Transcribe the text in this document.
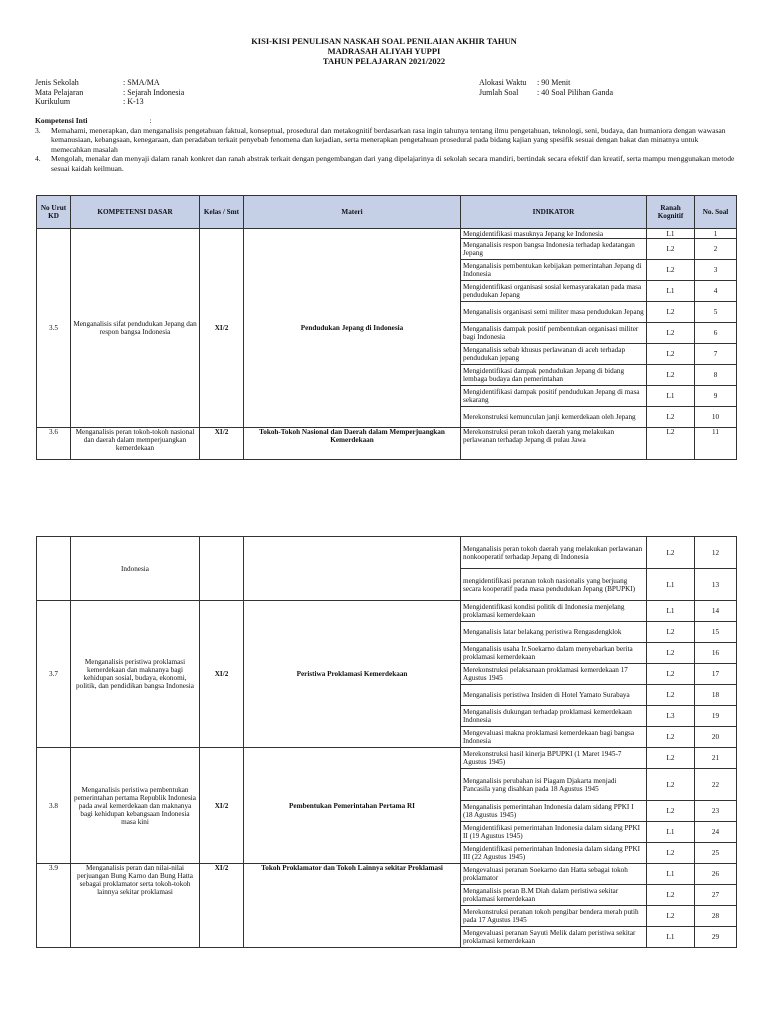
KISI-KISI PENULISAN NASKAH SOAL PENILAIAN AKHIR TAHUN
MADRASAH ALIYAH YUPPI
TAHUN PELAJARAN 2021/2022
Jenis Sekolah	: SMA/MA
Mata Pelajaran	: Sejarah Indonesia
Kurikulum	: K-13
Alokasi Waktu	: 90 Menit
Jumlah Soal	: 40 Soal Pilihan Ganda
Kompetensi Inti	:
3.	Memahami, menerapkan, dan menganalisis pengetahuan faktual, konseptual, prosedural dan metakognitif berdasarkan rasa ingin tahunya tentang ilmu pengetahuan, teknologi, seni, budaya, dan humaniora dengan wawasan kemanusiaan, kebangsaan, kenegaraan, dan peradaban terkait penyebab fenomena dan kejadian, serta menerapkan pengetahuan prosedural pada bidang kajian yang spesifik sesuai dengan bakat dan minatnya untuk memecahkan masalah
4.	Mengolah, menalar dan menyaji dalam ranah konkret dan ranah abstrak terkait dengan pengembangan dari yang dipelajarinya di sekolah secara mandiri, bertindak secara efektif dan kreatif, serta mampu menggunakan metode sesuai kaidah keilmuan.
No Urut KD	KOMPETENSI DASAR	Kelas / Smt	Materi	INDIKATOR	Ranah Kognitif	No. Soal
3.5	Menganalisis sifat pendudukan Jepang dan respon bangsa Indonesia	XI/2	Pendudukan Jepang di Indonesia	Mengidentifikasi masuknya Jepang ke Indonesia	L1	1
				Menganalisis respon bangsa Indonesia terhadap kedatangan Jepang	L2	2
				Menganalisis pembentukan kebijakan pemerintahan Jepang di Indonesia	L2	3
				Mengidentifikasi organisasi sosial kemasyarakatan pada masa pendudukan Jepang	L1	4
				Menganalisis organisasi semi militer masa pendudukan Jepang	L2	5
				Menganalisis dampak positif pembentukan organisasi militer bagi Indonesia	L2	6
				Menganalisis sebab khusus perlawanan di aceh terhadap pendudukan jepang	L2	7
				Mengidentifikasi dampak pendudukan Jepang di bidang lembaga budaya dan pemerintahan	L2	8
				Mengidentifikasi dampak positif pendudukan Jepang di masa sekarang	L1	9
				Merekonstruksi kemunculan janji kemerdekaan oleh Jepang	L2	10
3.6	Menganalisis peran tokoh-tokoh nasional dan daerah dalam memperjuangkan kemerdekaan	XI/2	Tokoh-Tokoh Nasional dan Daerah dalam Memperjuangkan Kemerdekaan	Merekonstruksi peran tokoh daerah yang melakukan perlawanan terhadap Jepang di pulau Jawa	L2	11
	Indonesia			Menganalisis peran tokoh daerah yang melakukan perlawanan nonkooperatif terhadap Jepang di Indonesia	L2	12
				mengidentifikasi peranan tokoh nasionalis yang berjuang secara kooperatif pada masa pendudukan Jepang (BPUPKI)	L1	13
3.7	Menganalisis peristiwa proklamasi kemerdekaan dan maknanya bagi kehidupan sosial, budaya, ekonomi, politik, dan pendidikan bangsa Indonesia	XI/2	Peristiwa Proklamasi Kemerdekaan	Mengidentifikasi kondisi politik di Indonesia menjelang proklamasi kemerdekaan	L1	14
				Menganalisis latar belakang peristiwa Rengasdengklok	L2	15
				Menganalisis usaha Ir.Soekarno dalam menyebarkan berita proklamasi kemerdekaan	L2	16
				Merekonstruksi pelaksanaan proklamasi kemerdekaan 17 Agustus 1945	L2	17
				Menganalisis peristiwa Insiden di Hotel Yamato Surabaya	L2	18
				Menganalisis dukungan terhadap proklamasi kemerdekaan Indonesia	L3	19
				Mengevaluasi makna proklamasi kemerdekaan bagi bangsa Indonesia	L2	20
3.8	Menganalisis peristiwa pembentukan pemerintahan pertama Republik Indonesia pada awal kemerdekaan dan maknanya bagi kehidupan kebangsaan Indonesia masa kini	XI/2	Pembentukan Pemerintahan Pertama RI	Merekonstruksi hasil kinerja BPUPKI (1 Maret 1945-7 Agustus 1945)	L2	21
				Menganalisis perubahan isi Piagam Djakarta menjadi Pancasila yang disahkan pada 18 Agustus 1945	L2	22
				Menganalisis pemerintahan Indonesia dalam sidang PPKI I (18 Agustus 1945)	L2	23
				Mengidentifikasi pemerintahan Indonesia dalam sidang PPKI II (19 Agustus 1945)	L1	24
				Mengidentifikasi pemerintahan Indonesia dalam sidang PPKI III (22 Agustus 1945)	L2	25
3.9	Menganalisis peran dan nilai-nilai perjuangan Bung Karno dan Bung Hatta sebagai proklamator serta tokoh-tokoh lainnya sekitar proklamasi	XI/2	Tokoh Proklamator dan Tokoh Lainnya sekitar Proklamasi	Mengevaluasi peranan Soekarno dan Hatta sebagai tokoh proklamator	L1	26
				Menganalisis peran B.M Diah dalam peristiwa sekitar proklamasi kemerdekaan	L2	27
				Merekonstruksi peranan tokoh pengibar bendera merah putih pada 17 Agustus 1945	L2	28
				Mengevaluasi peranan Sayuti Melik dalam peristiwa sekitar proklamasi kemerdekaan	L1	29
